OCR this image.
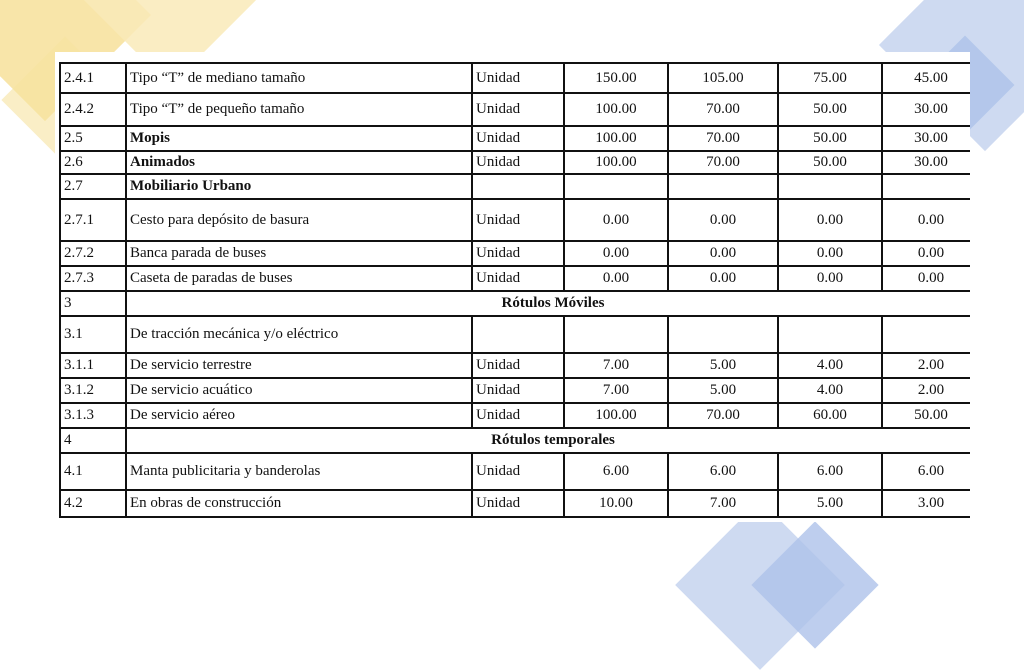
2.4.1	Tipo “T” de mediano tamaño	Unidad	150.00	105.00	75.00	45.00
2.4.2	Tipo “T” de pequeño tamaño	Unidad	100.00	70.00	50.00	30.00
2.5	Mopis	Unidad	100.00	70.00	50.00	30.00
2.6	Animados	Unidad	100.00	70.00	50.00	30.00
2.7	Mobiliario Urbano					
2.7.1	Cesto para depósito de basura	Unidad	0.00	0.00	0.00	0.00
2.7.2	Banca parada de buses	Unidad	0.00	0.00	0.00	0.00
2.7.3	Caseta de paradas de buses	Unidad	0.00	0.00	0.00	0.00
3	Rótulos Móviles					
3.1	De tracción mecánica y/o eléctrico					
3.1.1	De servicio terrestre	Unidad	7.00	5.00	4.00	2.00
3.1.2	De servicio acuático	Unidad	7.00	5.00	4.00	2.00
3.1.3	De servicio aéreo	Unidad	100.00	70.00	60.00	50.00
4	Rótulos temporales					
4.1	Manta publicitaria y banderolas	Unidad	6.00	6.00	6.00	6.00
4.2	En obras de construcción	Unidad	10.00	7.00	5.00	3.00
